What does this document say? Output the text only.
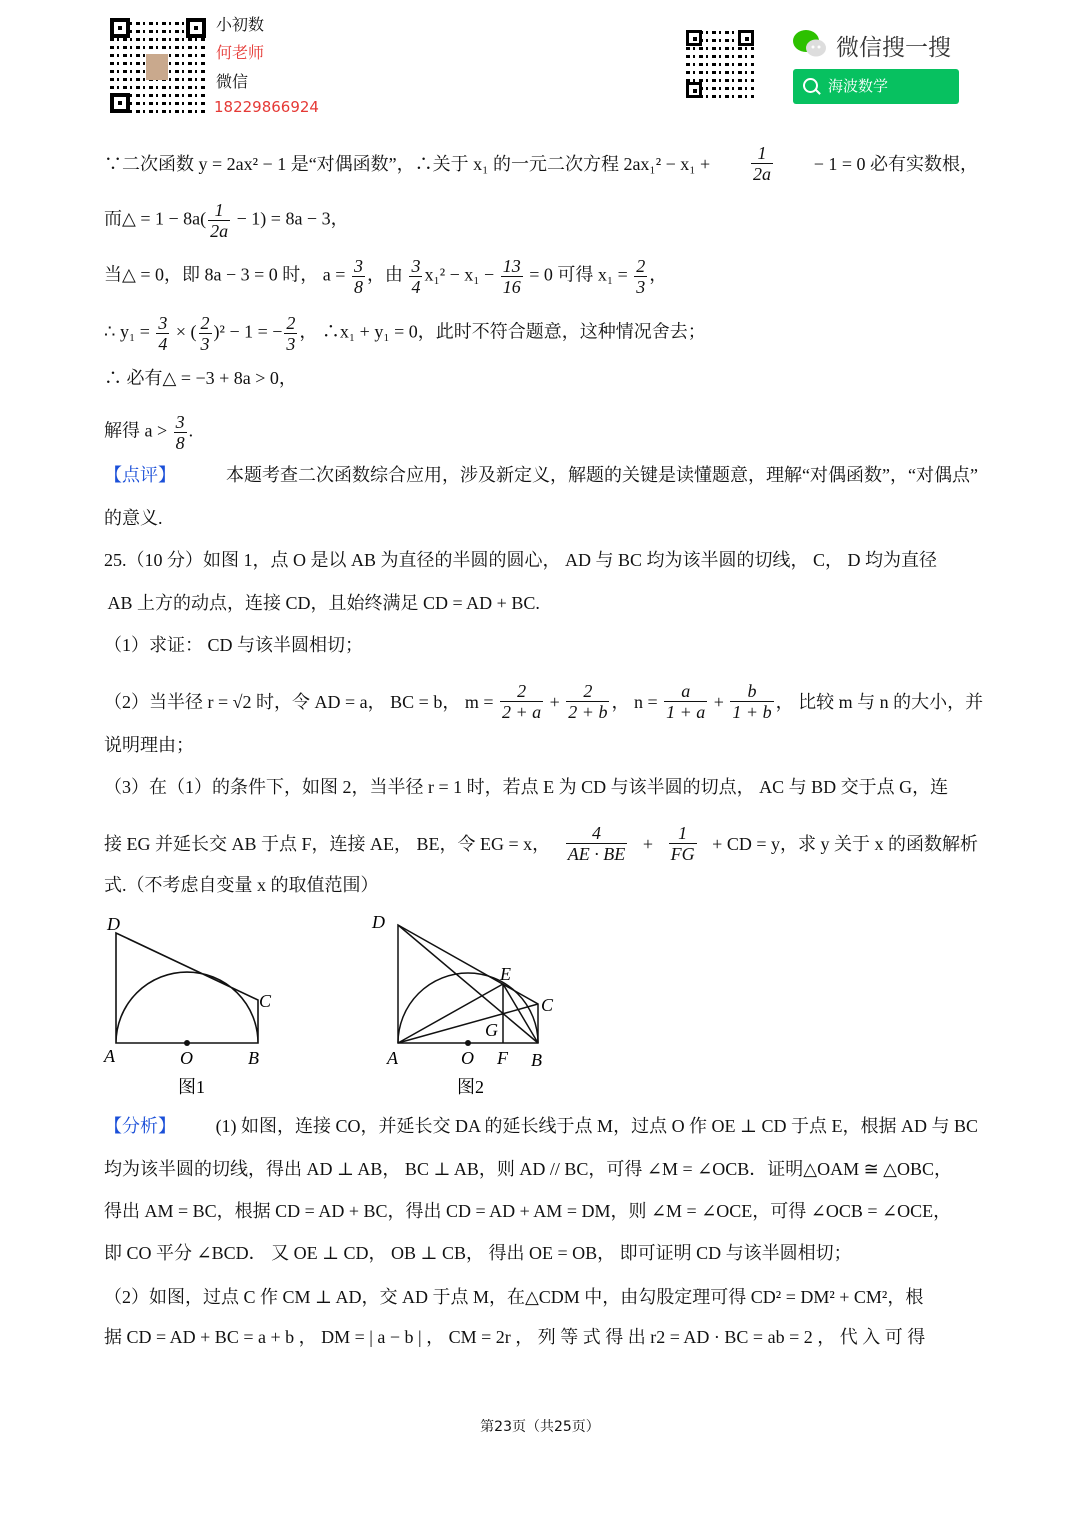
小初数
何老师
微信
18229866924
微信搜一搜
海波数学
∵二次函数 y = 2ax² − 1 是“对偶函数”，∴关于 x₁ 的一元二次方程 $2ax_1^2 - x_1 + \frac{1}{2a} - 1 = 0$ 必有实数根，
而△ = $1 - 8a( \frac{1}{2a} - 1) = 8a - 3$，
当△ = 0，即 8a − 3 = 0 时， $a = \frac{3}{8}$ ，由 $\frac{3}{4} x_1^2 - x_1 - \frac{13}{16} = 0$ 可得 $x_1 = \frac{2}{3}$ ，
∴ $y_1 = \frac{3}{4}$ × ( $\frac{2}{3} )^2 - 1$ = − $\frac{2}{3}$ ， ∴x₁ + y₁ = 0，此时不符合题意，这种情况舍去；
∴ 必有△ = −3 + 8a > 0，
解得 $a > \frac{3}{8}$ .
【点评】	本题考查二次函数综合应用，涉及新定义，解题的关键是读懂题意，理解“对偶函数”，“对偶点”
的意义.
25.（10 分）如图 1，点 O 是以 AB 为直径的半圆的圆心， AD 与 BC 均为该半圆的切线， C， D 均为直径
AB 上方的动点，连接 CD，且始终满足 CD = AD + BC.
（1）求证： CD 与该半圆相切；
（2）当半径 r = √2 时，令 AD = a， BC = b， $m = \frac{2}{2 + a} + \frac{2}{2 + b}$ ， $n = \frac{a}{1 + a} + \frac{b}{1 + b}$ ， 比较 m 与 n 的大小，并
说明理由；
（3）在（1）的条件下，如图 2，当半径 r = 1 时，若点 E 为 CD 与该半圆的切点， AC 与 BD 交于点 G，连
接 EG 并延长交 AB 于点 F，连接 AE， BE，令 EG = x， $\frac{4}{AE \cdot BE} + \frac{1}{FG}$ + CD = y，求 y 关于 x 的函数解析
式.（不考虑自变量 x 的取值范围）
【分析】 (1) 如图，连接 CO，并延长交 DA 的延长线于点 M，过点 O 作 OE ⊥ CD 于点 E，根据 AD 与 BC
均为该半圆的切线，得出 AD ⊥ AB， BC ⊥ AB，则 AD // BC，可得 ∠M = ∠OCB．证明△OAM ≅ △OBC，
得出 AM = BC，根据 CD = AD + BC，得出 CD = AD + AM = DM，则 ∠M = ∠OCE，可得 ∠OCB = ∠OCE，
即 CO 平分 ∠BCD． 又 OE ⊥ CD， OB ⊥ CB， 得出 OE = OB， 即可证明 CD 与该半圆相切；
（2）如图，过点 C 作 CM ⊥ AD，交 AD 于点 M，在△CDM 中，由勾股定理可得 CD² = DM² + CM²，根
据 CD = AD + BC = a + b ， DM = | a − b | ， CM = 2r ， 列 等 式 得 出 r2 = AD · BC = ab = 2 ， 代 入 可 得
D
C
A	O	B
图1
D
E
C
G
A	O F B
图2
第23页（共25页）
